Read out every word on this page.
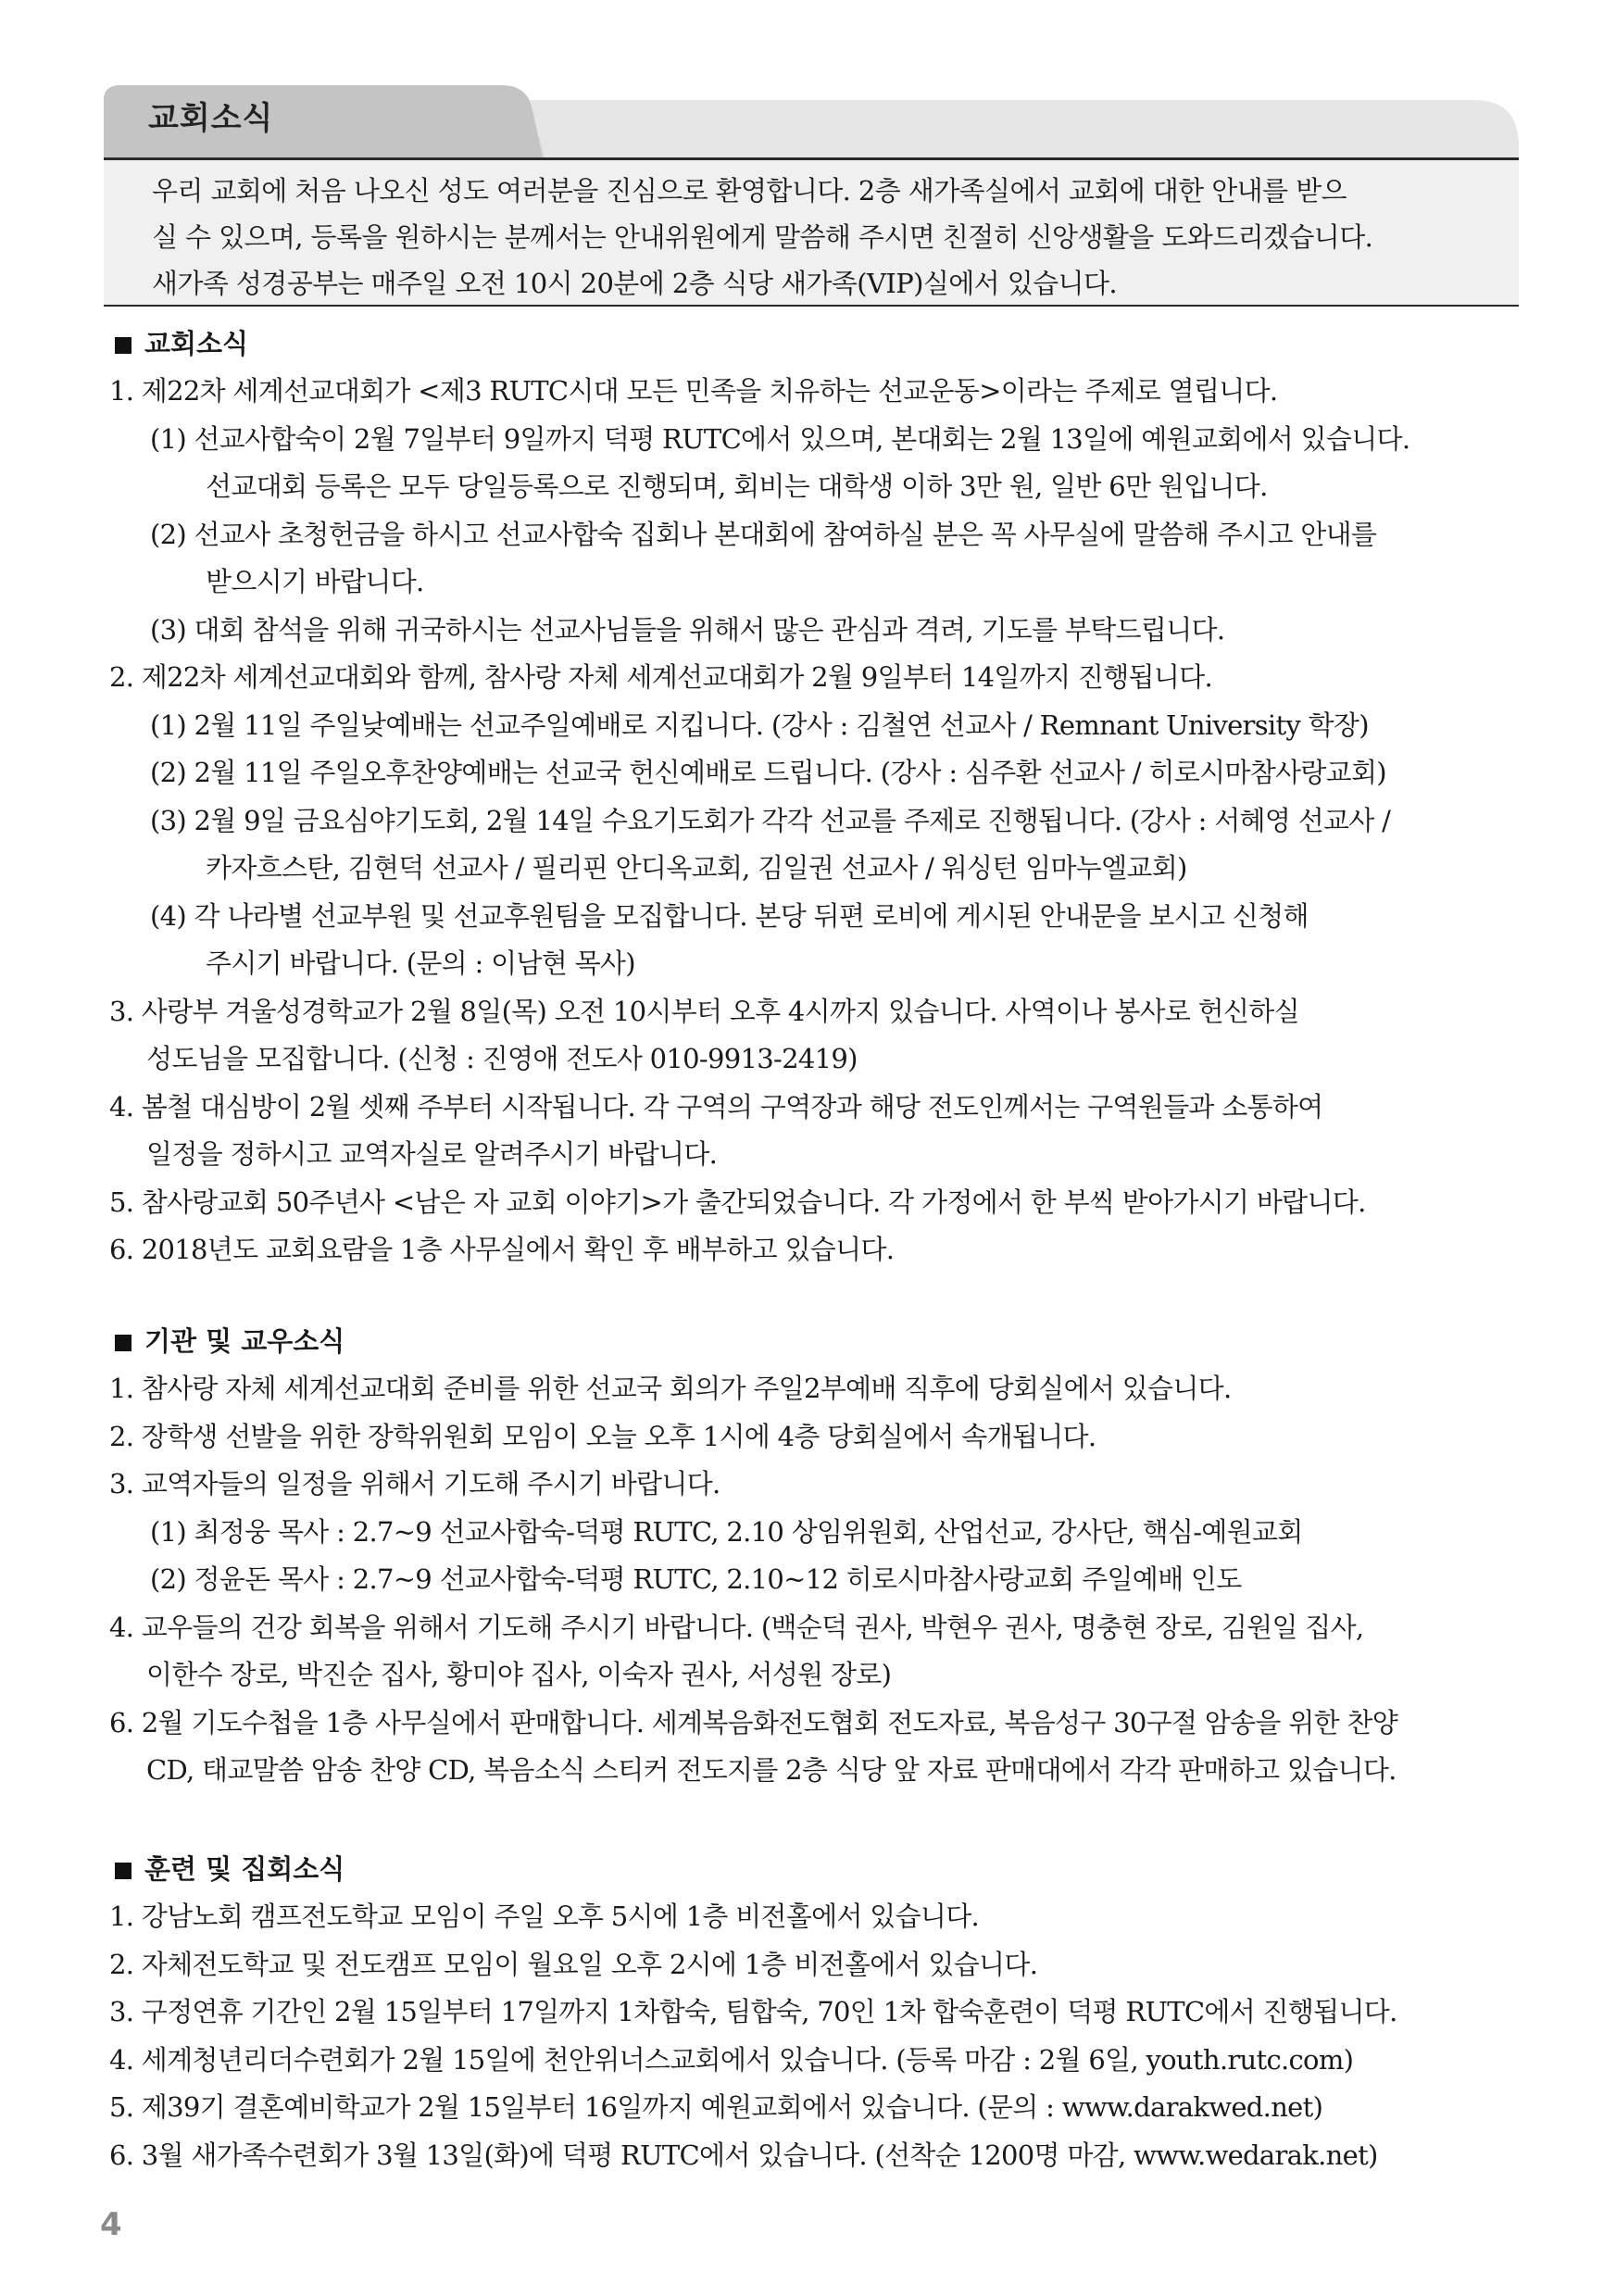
교회소식

우리 교회에 처음 나오신 성도 여러분을 진심으로 환영합니다. 2층 새가족실에서 교회에 대한 안내를 받으

실 수 있으며, 등록을 원하시는 분께서는 안내위원에게 말씀해 주시면 친절히 신앙생활을 도와드리겠습니다.

새가족 성경공부는 매주일 오전 10시 20분에 2층 식당 새가족(VIP)실에서 있습니다.

교회소식
1. 제22차 세계선교대회가 <제3 RUTC시대 모든 민족을 치유하는 선교운동>이라는 주제로 열립니다.
(1) 선교사합숙이 2월 7일부터 9일까지 덕평 RUTC에서 있으며, 본대회는 2월 13일에 예원교회에서 있습니다.
선교대회 등록은 모두 당일등록으로 진행되며, 회비는 대학생 이하 3만 원, 일반 6만 원입니다.
(2) 선교사 초청헌금을 하시고 선교사합숙 집회나 본대회에 참여하실 분은 꼭 사무실에 말씀해 주시고 안내를
받으시기 바랍니다.
(3) 대회 참석을 위해 귀국하시는 선교사님들을 위해서 많은 관심과 격려, 기도를 부탁드립니다.
2. 제22차 세계선교대회와 함께, 참사랑 자체 세계선교대회가 2월 9일부터 14일까지 진행됩니다.
(1) 2월 11일 주일낮예배는 선교주일예배로 지킵니다. (강사 : 김철연 선교사 / Remnant University 학장)
(2) 2월 11일 주일오후찬양예배는 선교국 헌신예배로 드립니다. (강사 : 심주환 선교사 / 히로시마참사랑교회)
(3) 2월 9일 금요심야기도회, 2월 14일 수요기도회가 각각 선교를 주제로 진행됩니다. (강사 : 서혜영 선교사 /
카자흐스탄, 김현덕 선교사 / 필리핀 안디옥교회, 김일권 선교사 / 워싱턴 임마누엘교회)
(4) 각 나라별 선교부원 및 선교후원팀을 모집합니다. 본당 뒤편 로비에 게시된 안내문을 보시고 신청해
주시기 바랍니다. (문의 : 이남현 목사)
3. 사랑부 겨울성경학교가 2월 8일(목) 오전 10시부터 오후 4시까지 있습니다. 사역이나 봉사로 헌신하실
성도님을 모집합니다. (신청 : 진영애 전도사 010-9913-2419)
4. 봄철 대심방이 2월 셋째 주부터 시작됩니다. 각 구역의 구역장과 해당 전도인께서는 구역원들과 소통하여
일정을 정하시고 교역자실로 알려주시기 바랍니다.
5. 참사랑교회 50주년사 <남은 자 교회 이야기>가 출간되었습니다. 각 가정에서 한 부씩 받아가시기 바랍니다.
6. 2018년도 교회요람을 1층 사무실에서 확인 후 배부하고 있습니다.
기관 및 교우소식
1. 참사랑 자체 세계선교대회 준비를 위한 선교국 회의가 주일2부예배 직후에 당회실에서 있습니다.
2. 장학생 선발을 위한 장학위원회 모임이 오늘 오후 1시에 4층 당회실에서 속개됩니다.
3. 교역자들의 일정을 위해서 기도해 주시기 바랍니다.
(1) 최정웅 목사 : 2.7~9 선교사합숙-덕평 RUTC, 2.10 상임위원회, 산업선교, 강사단, 핵심-예원교회
(2) 정윤돈 목사 : 2.7~9 선교사합숙-덕평 RUTC, 2.10~12 히로시마참사랑교회 주일예배 인도
4. 교우들의 건강 회복을 위해서 기도해 주시기 바랍니다. (백순덕 권사, 박현우 권사, 명충현 장로, 김원일 집사,
이한수 장로, 박진순 집사, 황미야 집사, 이숙자 권사, 서성원 장로)
6. 2월 기도수첩을 1층 사무실에서 판매합니다. 세계복음화전도협회 전도자료, 복음성구 30구절 암송을 위한 찬양
CD, 태교말씀 암송 찬양 CD, 복음소식 스티커 전도지를 2층 식당 앞 자료 판매대에서 각각 판매하고 있습니다.
훈련 및 집회소식
1. 강남노회 캠프전도학교 모임이 주일 오후 5시에 1층 비전홀에서 있습니다.
2. 자체전도학교 및 전도캠프 모임이 월요일 오후 2시에 1층 비전홀에서 있습니다.
3. 구정연휴 기간인 2월 15일부터 17일까지 1차합숙, 팀합숙, 70인 1차 합숙훈련이 덕평 RUTC에서 진행됩니다.
4. 세계청년리더수련회가 2월 15일에 천안위너스교회에서 있습니다. (등록 마감 : 2월 6일, youth.rutc.com)
5. 제39기 결혼예비학교가 2월 15일부터 16일까지 예원교회에서 있습니다. (문의 : www.darakwed.net)
6. 3월 새가족수련회가 3월 13일(화)에 덕평 RUTC에서 있습니다. (선착순 1200명 마감, www.wedarak.net)
4
